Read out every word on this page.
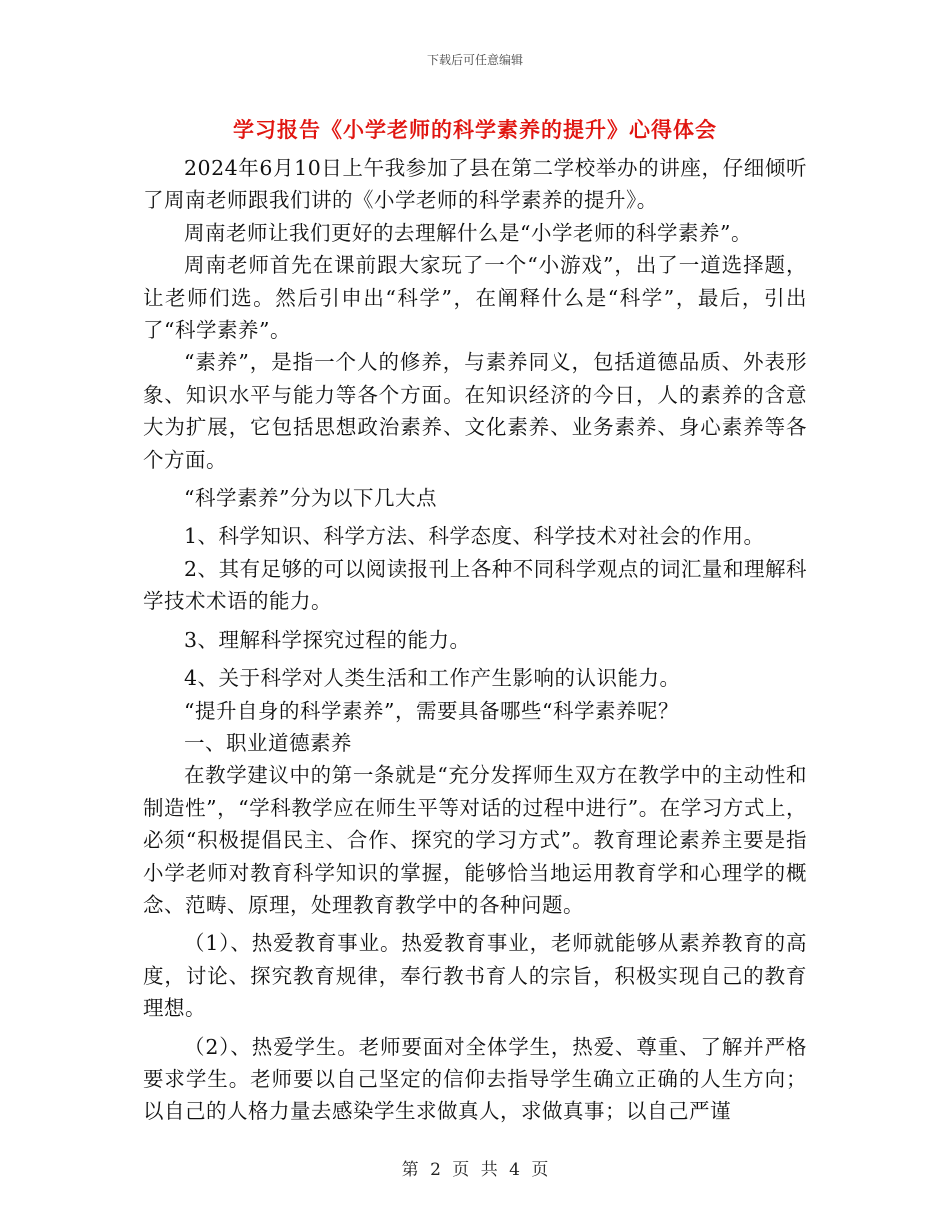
下载后可任意编辑
学习报告《小学老师的科学素养的提升》心得体会

2024年6月10日上午我参加了县在第二学校举办的讲座，仔细倾听了周南老师跟我们讲的《小学老师的科学素养的提升》。

周南老师让我们更好的去理解什么是“小学老师的科学素养”。

周南老师首先在课前跟大家玩了一个“小游戏”，出了一道选择题，让老师们选。然后引申出“科学”，在阐释什么是“科学”，最后，引出了“科学素养”。

“素养”，是指一个人的修养，与素养同义，包括道德品质、外表形象、知识水平与能力等各个方面。在知识经济的今日，人的素养的含意大为扩展，它包括思想政治素养、文化素养、业务素养、身心素养等各个方面。

“科学素养”分为以下几大点

1、科学知识、科学方法、科学态度、科学技术对社会的作用。

2、其有足够的可以阅读报刊上各种不同科学观点的词汇量和理解科学技术术语的能力。

3、理解科学探究过程的能力。

4、关于科学对人类生活和工作产生影响的认识能力。

“提升自身的科学素养”，需要具备哪些“科学素养呢？

一、职业道德素养

在教学建议中的第一条就是“充分发挥师生双方在教学中的主动性和制造性”，“学科教学应在师生平等对话的过程中进行”。在学习方式上，必须“积极提倡民主、合作、探究的学习方式”。教育理论素养主要是指小学老师对教育科学知识的掌握，能够恰当地运用教育学和心理学的概念、范畴、原理，处理教育教学中的各种问题。

（1）、热爱教育事业。热爱教育事业，老师就能够从素养教育的高度，讨论、探究教育规律，奉行教书育人的宗旨，积极实现自己的教育理想。

（2）、热爱学生。老师要面对全体学生，热爱、尊重、了解并严格要求学生。老师要以自己坚定的信仰去指导学生确立正确的人生方向；以自己的人格力量去感染学生求做真人，求做真事；以自己严谨

第 2 页 共 4 页
